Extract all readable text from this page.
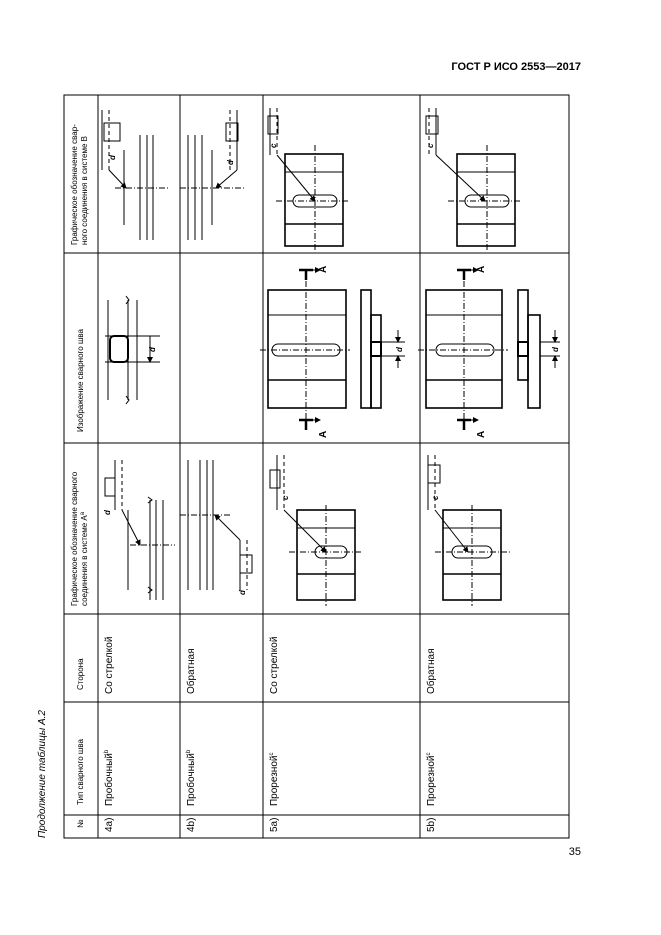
ГОСТ Р ИСО 2553—2017
Продолжение таблицы А.2
35
№
Тип сварного шва
Сторона
Графическое обозначение сварного соединения в системе $A^a$
Изображение сварного шва
Графическое обозначение свар- ного соединения в системе B
4a)
Пробочный$^b$
Со стрелкой
4b)
Пробочный$^b$
Обратная
5a)
Прорезной$^c$
Со стрелкой
5b)
Прорезной$^c$
Обратная
d
d
d
d
d
c
A
A
d
c
c
A
A
d
c
